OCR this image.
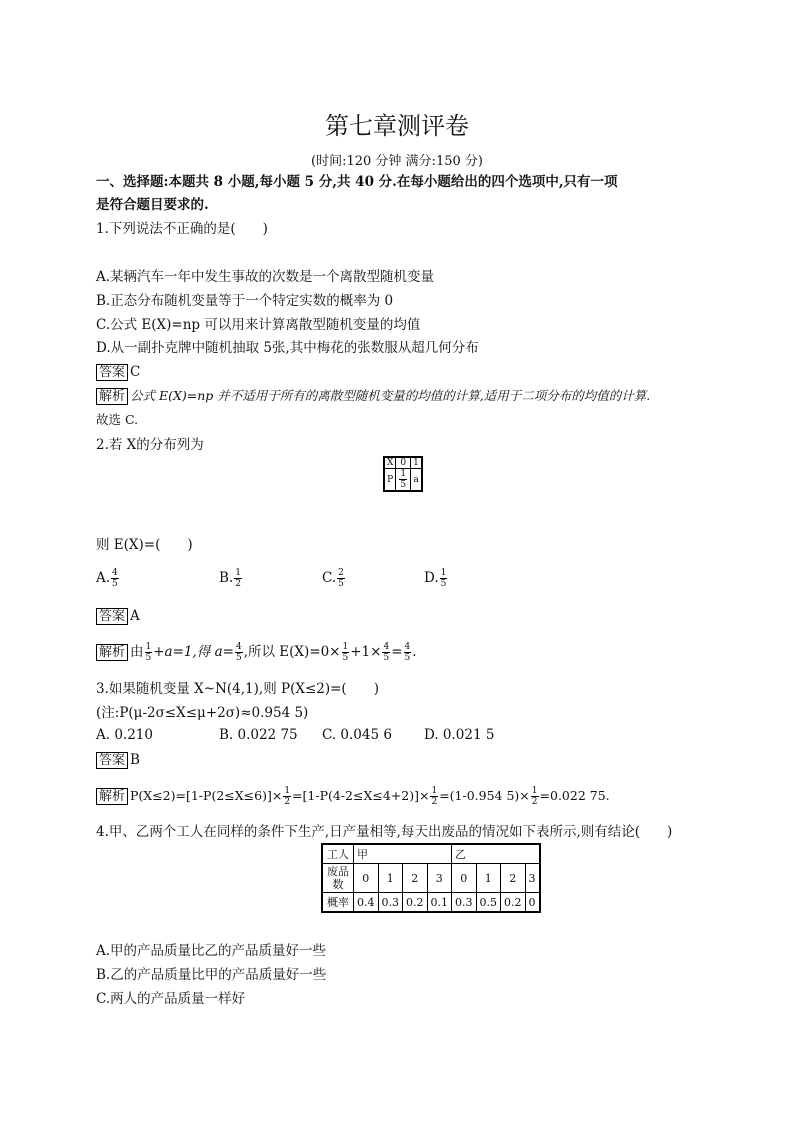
第七章测评卷
(时间:120 分钟 满分:150 分)
一、选择题:本题共 8 小题,每小题 5 分,共 40 分.在每小题给出的四个选项中,只有一项
是符合题目要求的.
1.下列说法不正确的是(　　)
A.某辆汽车一年中发生事故的次数是一个离散型随机变量
B.正态分布随机变量等于一个特定实数的概率为 0
C.公式 E(X)=np 可以用来计算离散型随机变量的均值
D.从一副扑克牌中随机抽取 5张,其中梅花的张数服从超几何分布
答案 C
解析 公式 E(X)=np 并不适用于所有的离散型随机变量的均值的计算,适用于二项分布的均值的计算.
故选 C.
2.若 X的分布列为
X	0	1
P	$\frac{1}{5}$	a
则 E(X)=(　　)
A. $\frac{4}{5}$	B. $\frac{1}{2}$	C. $\frac{2}{5}$	D. $\frac{1}{5}$
答案 A
解析 由 $\frac{1}{5} +a=1$,得 $a= \frac{4}{5}$ ,所以 $E(X)=0\times \frac{1}{5} +1\times \frac{4}{5} = \frac{4}{5}$ .
3.如果随机变量 X~N(4,1),则 P(X≤2)=(　　)
(注:P(μ-2σ≤X≤μ+2σ)≈0.954 5)
A. 0.210	B. 0.022 75 C. 0.045 6 D. 0.021 5
答案 B
解析 $P(X\le 2)=[1-P(2\le X\le 6)]\times \frac{1}{2} =[1-P(4-2\le X\le 4+2)]\times \frac{1}{2} =(1-0.954$ $5)\times \frac{1}{2} =0.022$ 75.
4.甲、乙两个工人在同样的条件下生产,日产量相等,每天出废品的情况如下表所示,则有结论(　　)
工人	甲				乙			
废品数	0	1	2	3	0	1	2	3
概率	0.4	0.3	0.2	0.1	0.3	0.5	0.2	0
A.甲的产品质量比乙的产品质量好一些
B.乙的产品质量比甲的产品质量好一些
C.两人的产品质量一样好
